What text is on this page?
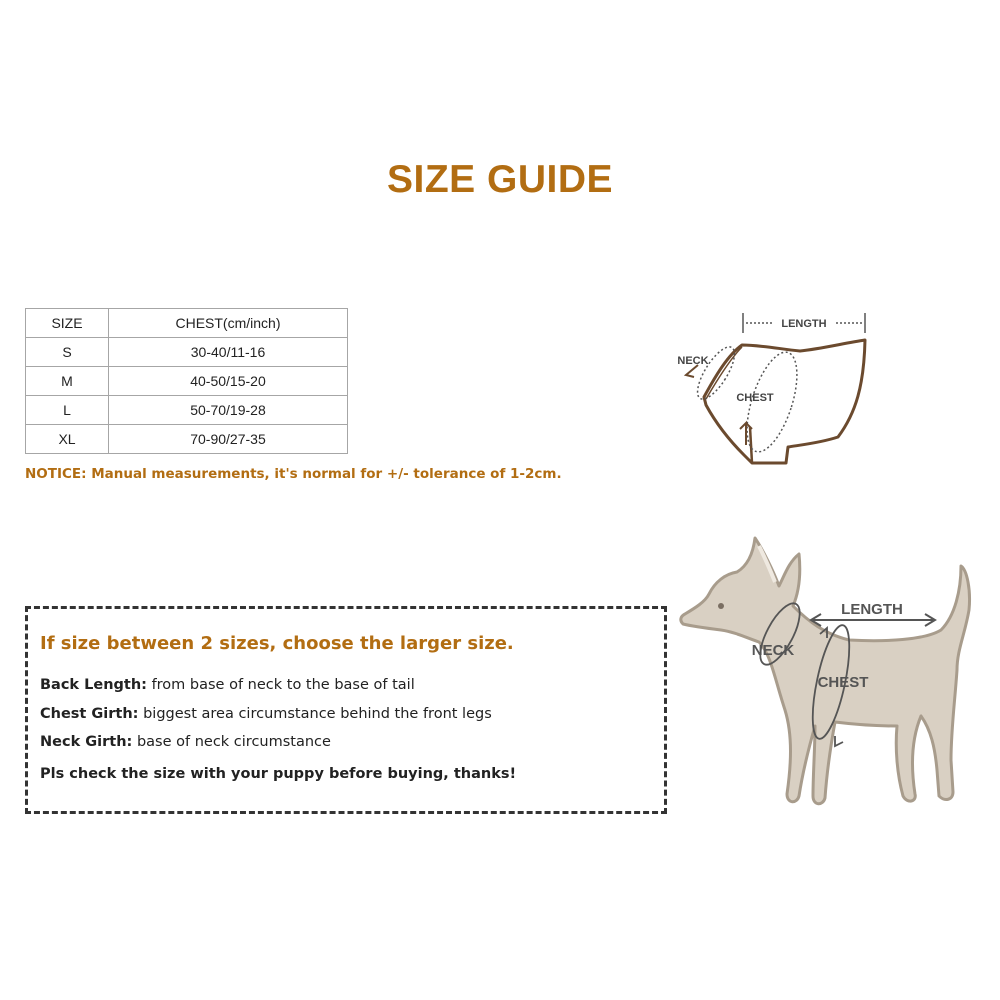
SIZE GUIDE
SIZE	CHEST(cm/inch)
S	30-40/11-16
M	40-50/15-20
L	50-70/19-28
XL	70-90/27-35
NOTICE: Manual measurements, it's normal for +/- tolerance of 1-2cm.
LENGTH
NECK
CHEST
If size between 2 sizes, choose the larger size.
Back Length: from base of neck to the base of tail
Chest Girth: biggest area circumstance behind the front legs
Neck Girth: base of neck circumstance
Pls check the size with your puppy before buying, thanks!
NECK
CHEST
LENGTH
